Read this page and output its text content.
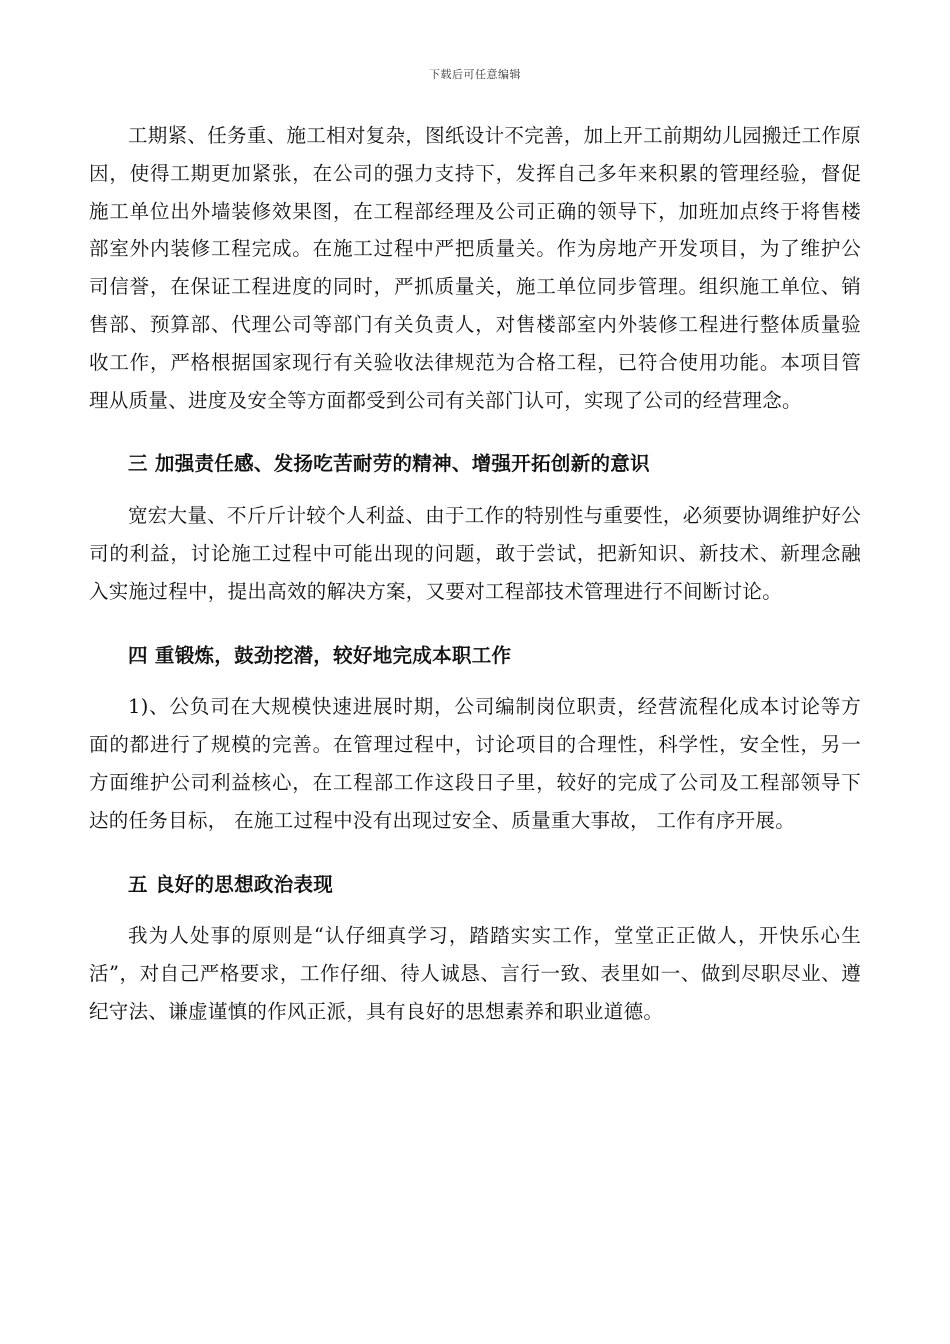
下载后可任意编辑

工期紧、任务重、施工相对复杂，图纸设计不完善，加上开工前期幼儿园搬迁工作原因，使得工期更加紧张，在公司的强力支持下，发挥自己多年来积累的管理经验，督促施工单位出外墙装修效果图，在工程部经理及公司正确的领导下，加班加点终于将售楼部室外内装修工程完成。在施工过程中严把质量关。作为房地产开发项目，为了维护公司信誉，在保证工程进度的同时，严抓质量关，施工单位同步管理。组织施工单位、销售部、预算部、代理公司等部门有关负责人，对售楼部室内外装修工程进行整体质量验收工作，严格根据国家现行有关验收法律规范为合格工程，已符合使用功能。本项目管理从质量、进度及安全等方面都受到公司有关部门认可，实现了公司的经营理念。

三 加强责任感、发扬吃苦耐劳的精神、增强开拓创新的意识

宽宏大量、不斤斤计较个人利益、由于工作的特别性与重要性，必须要协调维护好公司的利益，讨论施工过程中可能出现的问题，敢于尝试，把新知识、新技术、新理念融入实施过程中，提出高效的解决方案，又要对工程部技术管理进行不间断讨论。

四 重锻炼，鼓劲挖潜，较好地完成本职工作

1)、公负司在大规模快速进展时期，公司编制岗位职责，经营流程化成本讨论等方面的都进行了规模的完善。在管理过程中，讨论项目的合理性，科学性，安全性，另一方面维护公司利益核心，在工程部工作这段日子里，较好的完成了公司及工程部领导下达的任务目标， 在施工过程中没有出现过安全、质量重大事故， 工作有序开展。

五 良好的思想政治表现

我为人处事的原则是“认仔细真学习，踏踏实实工作，堂堂正正做人，开快乐心生活”，对自己严格要求，工作仔细、待人诚恳、言行一致、表里如一、做到尽职尽业、遵纪守法、谦虚谨慎的作风正派，具有良好的思想素养和职业道德。
